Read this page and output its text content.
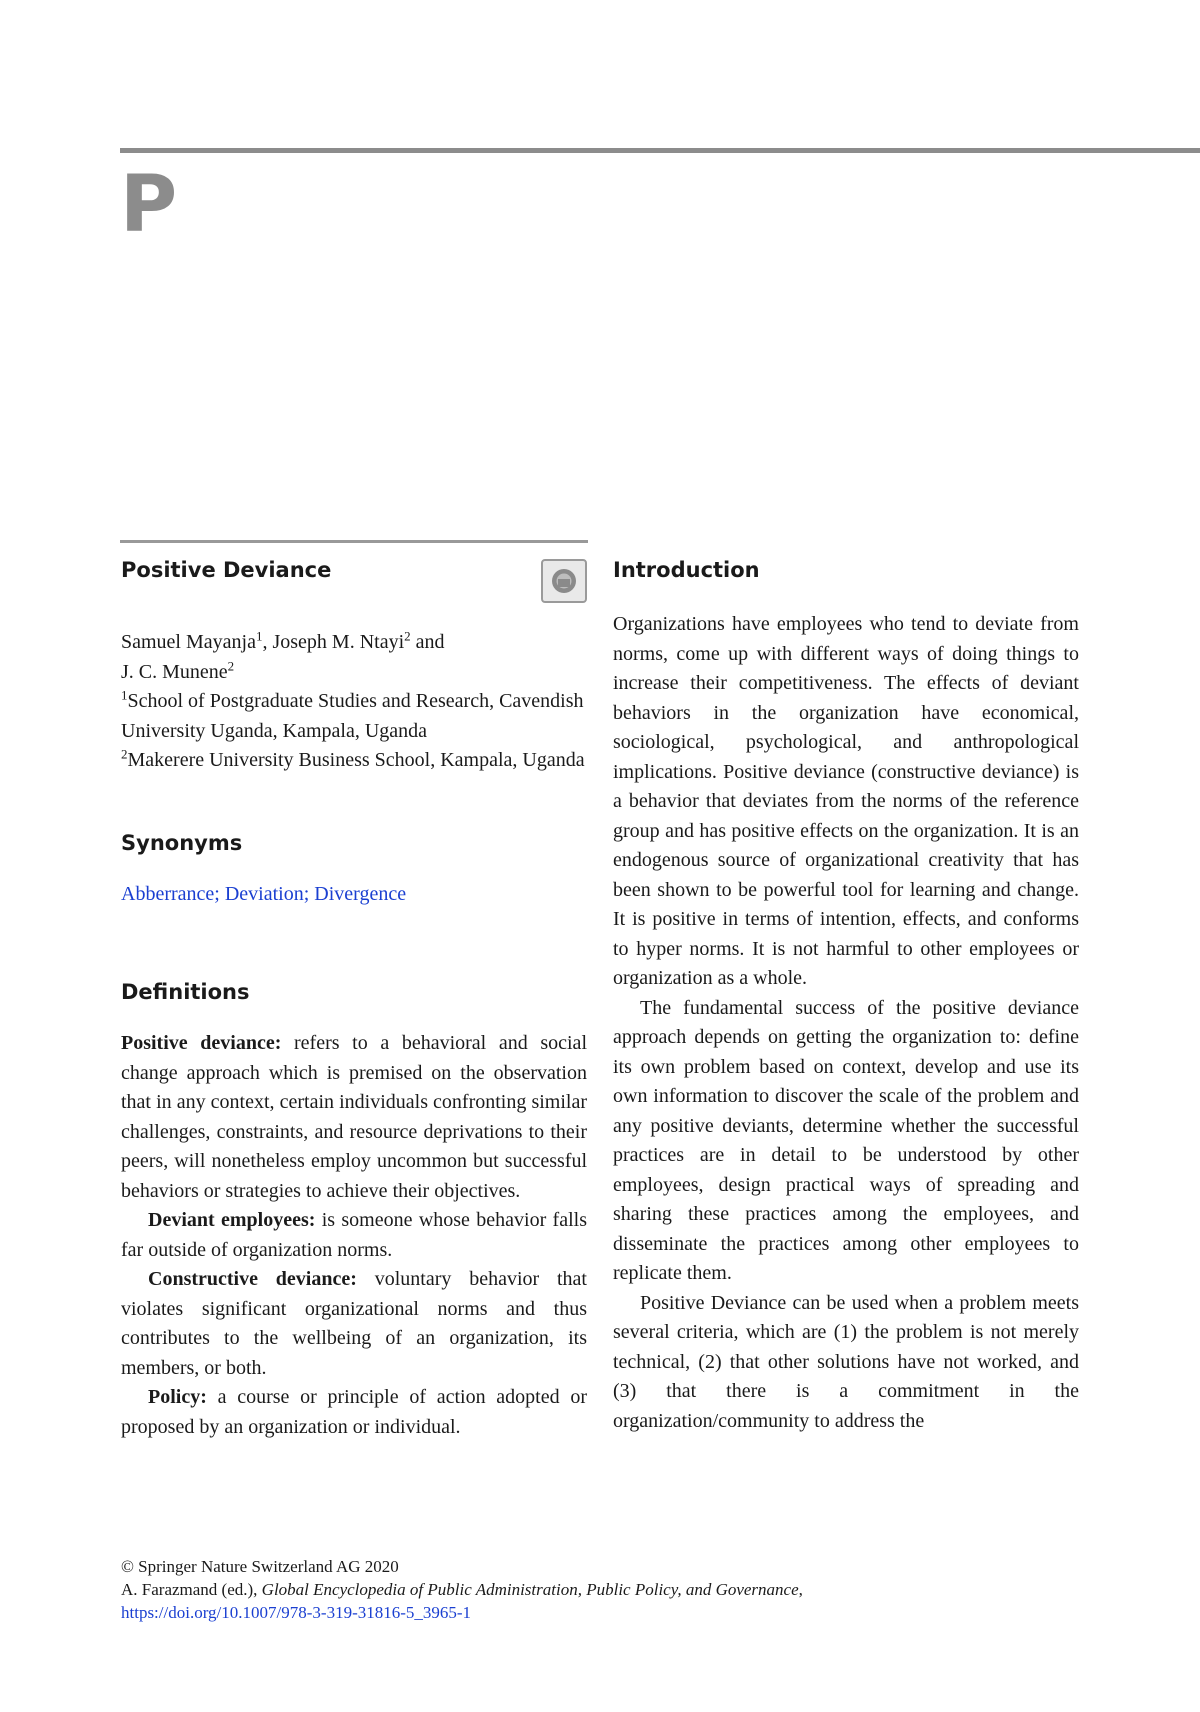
P
Positive Deviance

Samuel Mayanja$^1$, Joseph M. Ntayi$^2$ and
J. C. Munene$^2$

$^1$School of Postgraduate Studies and Research, Cavendish University Uganda, Kampala, Uganda

$^2$Makerere University Business School, Kampala, Uganda

Synonyms

Abberrance; Deviation; Divergence

Definitions

Positive deviance: refers to a behavioral and social change approach which is premised on the observation that in any context, certain individuals confronting similar challenges, constraints, and resource deprivations to their peers, will nonetheless employ uncommon but successful behaviors or strategies to achieve their objectives.

Deviant employees: is someone whose behavior falls far outside of organization norms.

Constructive deviance: voluntary behavior that violates significant organizational norms and thus contributes to the wellbeing of an organization, its members, or both.

Policy: a course or principle of action adopted or proposed by an organization or individual.

Introduction

Organizations have employees who tend to deviate from norms, come up with different ways of doing things to increase their competitiveness. The effects of deviant behaviors in the organization have economical, sociological, psychological, and anthropological implications. Positive deviance (constructive deviance) is a behavior that deviates from the norms of the reference group and has positive effects on the organization. It is an endogenous source of organizational creativity that has been shown to be powerful tool for learning and change. It is positive in terms of intention, effects, and conforms to hyper norms. It is not harmful to other employees or organization as a whole.

The fundamental success of the positive deviance approach depends on getting the organization to: define its own problem based on context, develop and use its own information to discover the scale of the problem and any positive deviants, determine whether the successful practices are in detail to be understood by other employees, design practical ways of spreading and sharing these practices among the employees, and disseminate the practices among other employees to replicate them.

Positive Deviance can be used when a problem meets several criteria, which are (1) the problem is not merely technical, (2) that other solutions have not worked, and (3) that there is a commitment in the organization/community to address the

© Springer Nature Switzerland AG 2020

A. Farazmand (ed.), Global Encyclopedia of Public Administration, Public Policy, and Governance,

https://doi.org/10.1007/978-3-319-31816-5_3965-1
